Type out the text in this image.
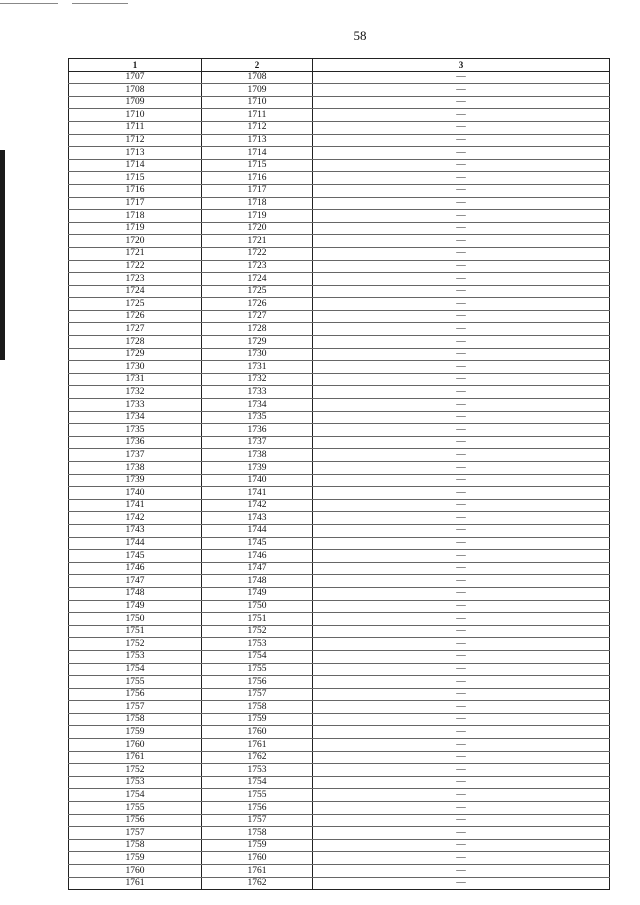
58
1	2	3
1707	1708	—
1708	1709	—
1709	1710	—
1710	1711	—
1711	1712	—
1712	1713	—
1713	1714	—
1714	1715	—
1715	1716	—
1716	1717	—
1717	1718	—
1718	1719	—
1719	1720	—
1720	1721	—
1721	1722	—
1722	1723	—
1723	1724	—
1724	1725	—
1725	1726	—
1726	1727	—
1727	1728	—
1728	1729	—
1729	1730	—
1730	1731	—
1731	1732	—
1732	1733	—
1733	1734	—
1734	1735	—
1735	1736	—
1736	1737	—
1737	1738	—
1738	1739	—
1739	1740	—
1740	1741	—
1741	1742	—
1742	1743	—
1743	1744	—
1744	1745	—
1745	1746	—
1746	1747	—
1747	1748	—
1748	1749	—
1749	1750	—
1750	1751	—
1751	1752	—
1752	1753	—
1753	1754	—
1754	1755	—
1755	1756	—
1756	1757	—
1757	1758	—
1758	1759	—
1759	1760	—
1760	1761	—
1761	1762	—
1752	1753	—
1753	1754	—
1754	1755	—
1755	1756	—
1756	1757	—
1757	1758	—
1758	1759	—
1759	1760	—
1760	1761	—
1761	1762	—
